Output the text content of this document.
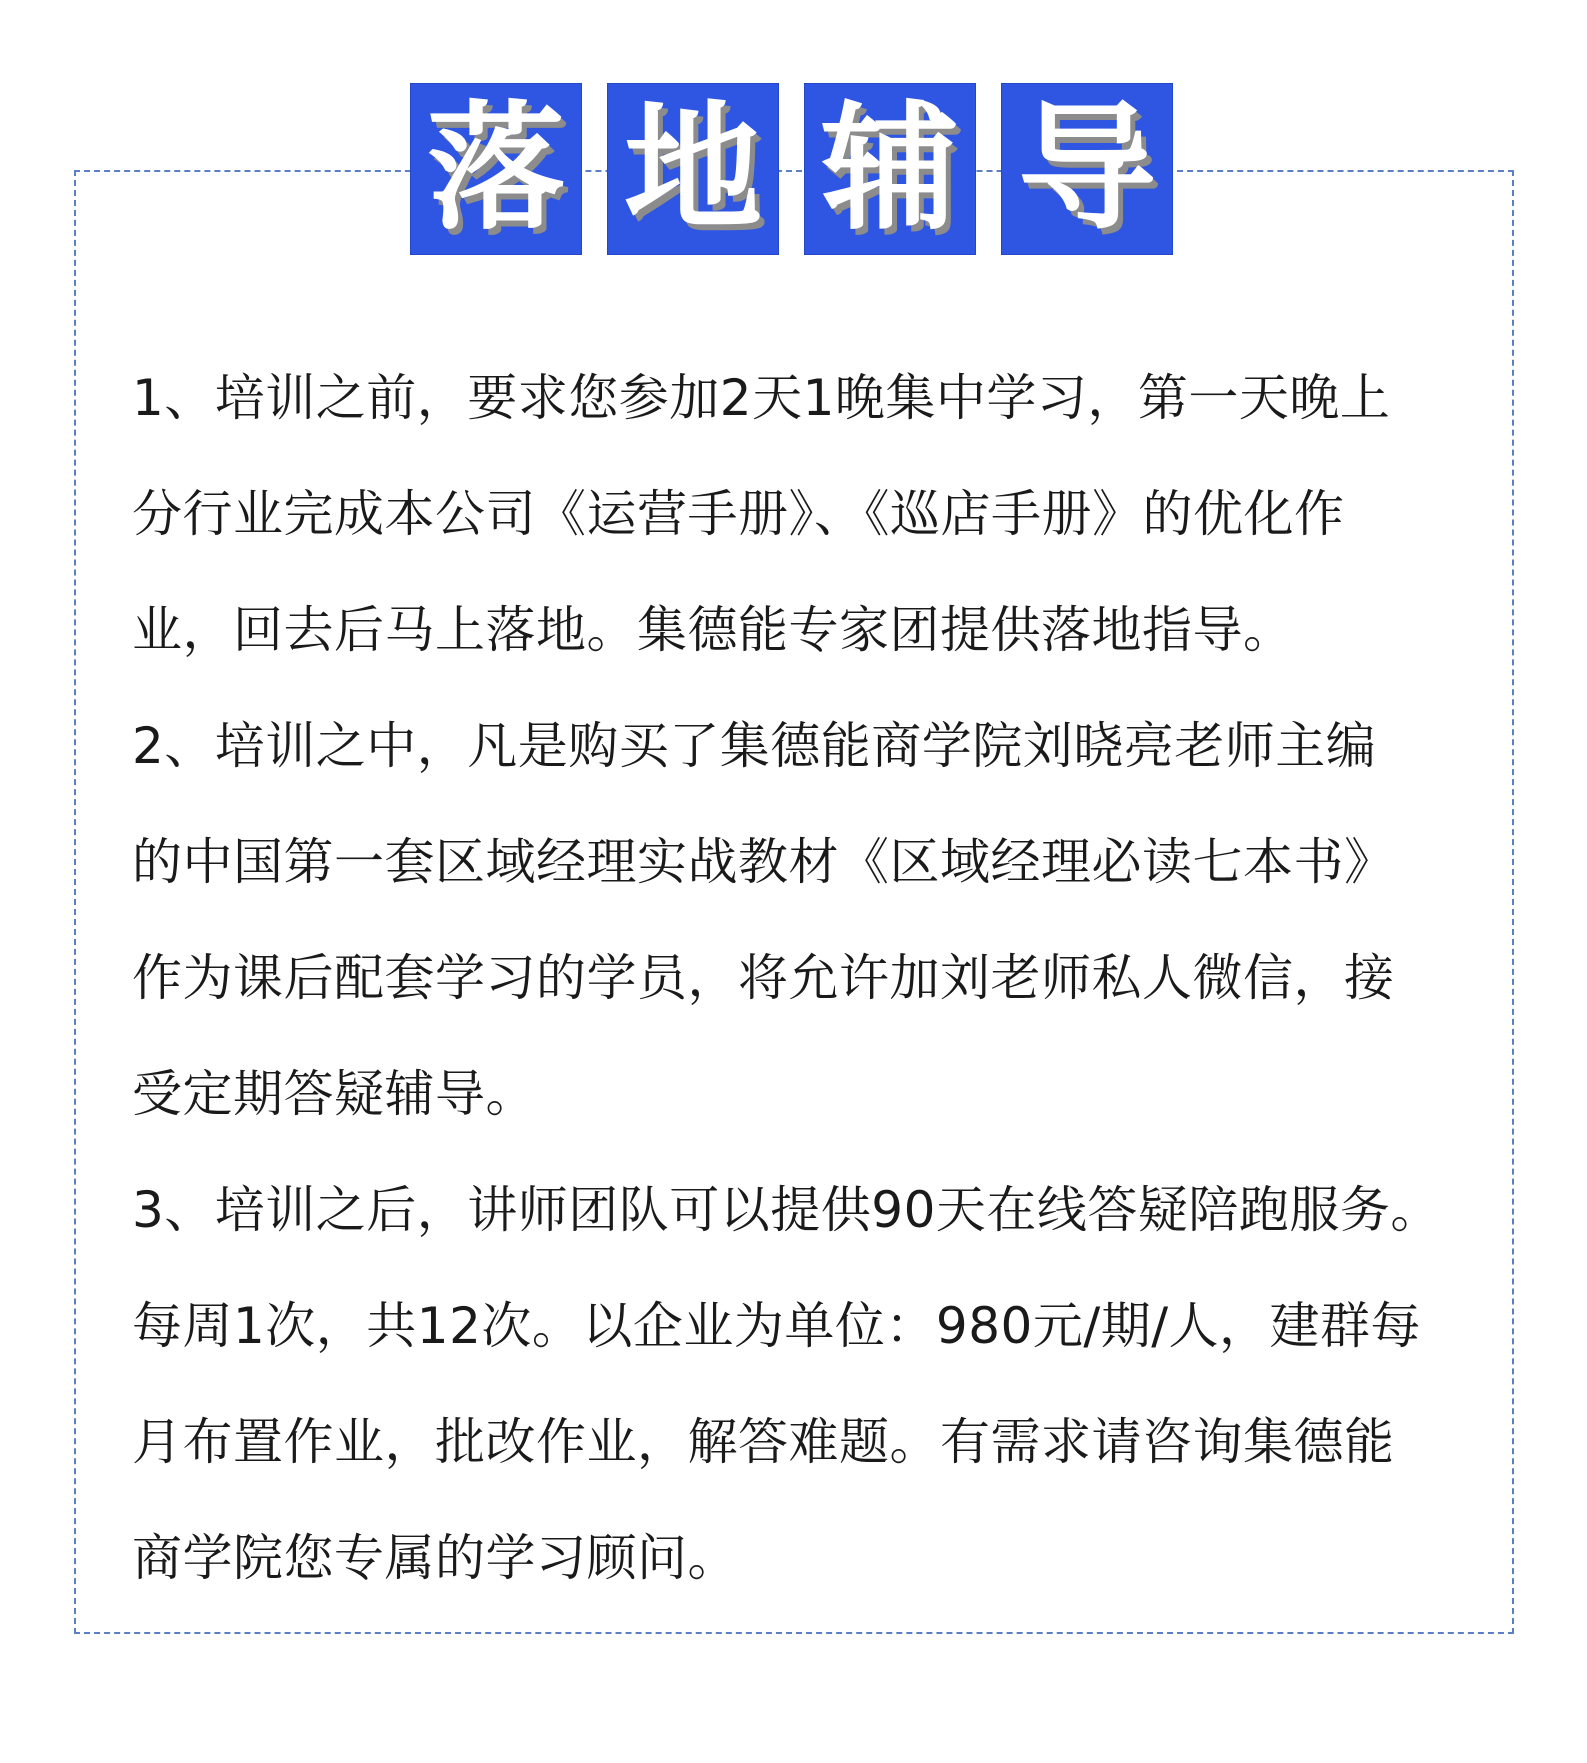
落 地 辅 导

1、培训之前，要求您参加2天1晚集中学习，第一天晚上
分行业完成本公司《运营手册》、《巡店手册》的优化作
业，回去后马上落地。集德能专家团提供落地指导。

2、培训之中，凡是购买了集德能商学院刘晓亮老师主编
的中国第一套区域经理实战教材《区域经理必读七本书》
作为课后配套学习的学员，将允许加刘老师私人微信，接
受定期答疑辅导。

3、培训之后，讲师团队可以提供90天在线答疑陪跑服务。
每周1次，共12次。以企业为单位：980元/期/人，建群每
月布置作业，批改作业，解答难题。有需求请咨询集德能
商学院您专属的学习顾问。
